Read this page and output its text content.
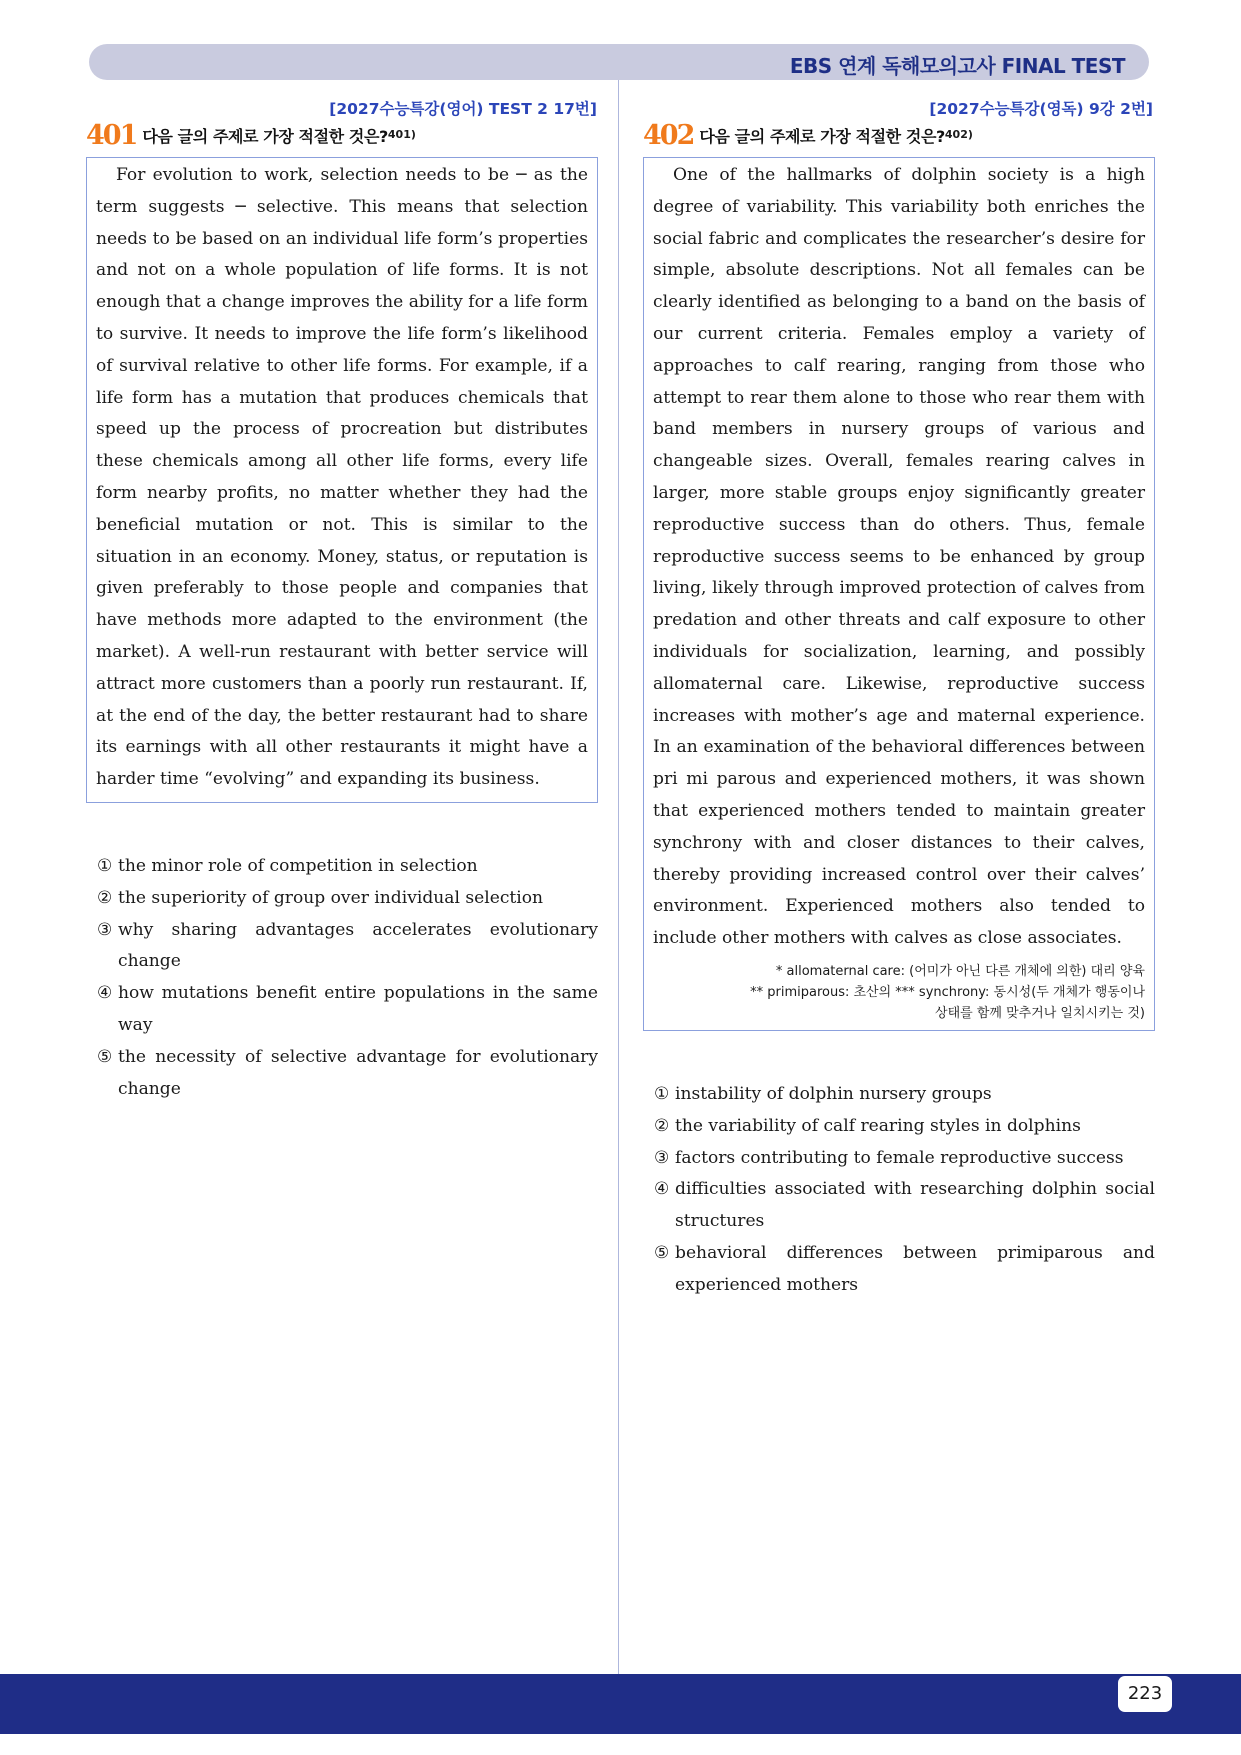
EBS 연계 독해모의고사 FINAL TEST
[2027수능특강(영어) TEST 2 17번]
401 다음 글의 주제로 가장 적절한 것은?$^{401)}$

For evolution to work, selection needs to be ─ as the term suggests ─ selective. This means that selection needs to be based on an individual life form’s properties and not on a whole population of life forms. It is not enough that a change improves the ability for a life form to survive. It needs to improve the life form’s likelihood of survival relative to other life forms. For example, if a life form has a mutation that produces chemicals that speed up the process of procreation but distributes these chemicals among all other life forms, every life form nearby profits, no matter whether they had the beneficial mutation or not. This is similar to the situation in an economy. Money, status, or reputation is given preferably to those people and companies that have methods more adapted to the environment (the market). A well-run restaurant with better service will attract more customers than a poorly run restaurant. If, at the end of the day, the better restaurant had to share its earnings with all other restaurants it might have a harder time “evolving” and expanding its business.

① the minor role of competition in selection
② the superiority of group over individual selection
③ why sharing advantages accelerates evolutionary change
④ how mutations benefit entire populations in the same way
⑤ the necessity of selective advantage for evolutionary change
[2027수능특강(영독) 9강 2번]
402 다음 글의 주제로 가장 적절한 것은?$^{402)}$

One of the hallmarks of dolphin society is a high degree of variability. This variability both enriches the social fabric and complicates the researcher’s desire for simple, absolute descriptions. Not all females can be clearly identified as belonging to a band on the basis of our current criteria. Females employ a variety of approaches to calf rearing, ranging from those who attempt to rear them alone to those who rear them with band members in nursery groups of various and changeable sizes. Overall, females rearing calves in larger, more stable groups enjoy significantly greater reproductive success than do others. Thus, female reproductive success seems to be enhanced by group living, likely through improved protection of calves from predation and other threats and calf exposure to other individuals for socialization, learning, and possibly allomaternal care. Likewise, reproductive success increases with mother’s age and maternal experience. In an examination of the behavioral differences between pri mi parous and experienced mothers, it was shown that experienced mothers tended to maintain greater synchrony with and closer distances to their calves, thereby providing increased control over their calves’ environment. Experienced mothers also tended to include other mothers with calves as close associates.

* allomaternal care: (어미가 아닌 다른 개체에 의한) 대리 양육
** primiparous: 초산의 *** synchrony: 동시성(두 개체가 행동이나
상태를 함께 맞추거나 일치시키는 것)
① instability of dolphin nursery groups
② the variability of calf rearing styles in dolphins
③ factors contributing to female reproductive success
④ difficulties associated with researching dolphin social structures
⑤ behavioral differences between primiparous and experienced mothers
223
